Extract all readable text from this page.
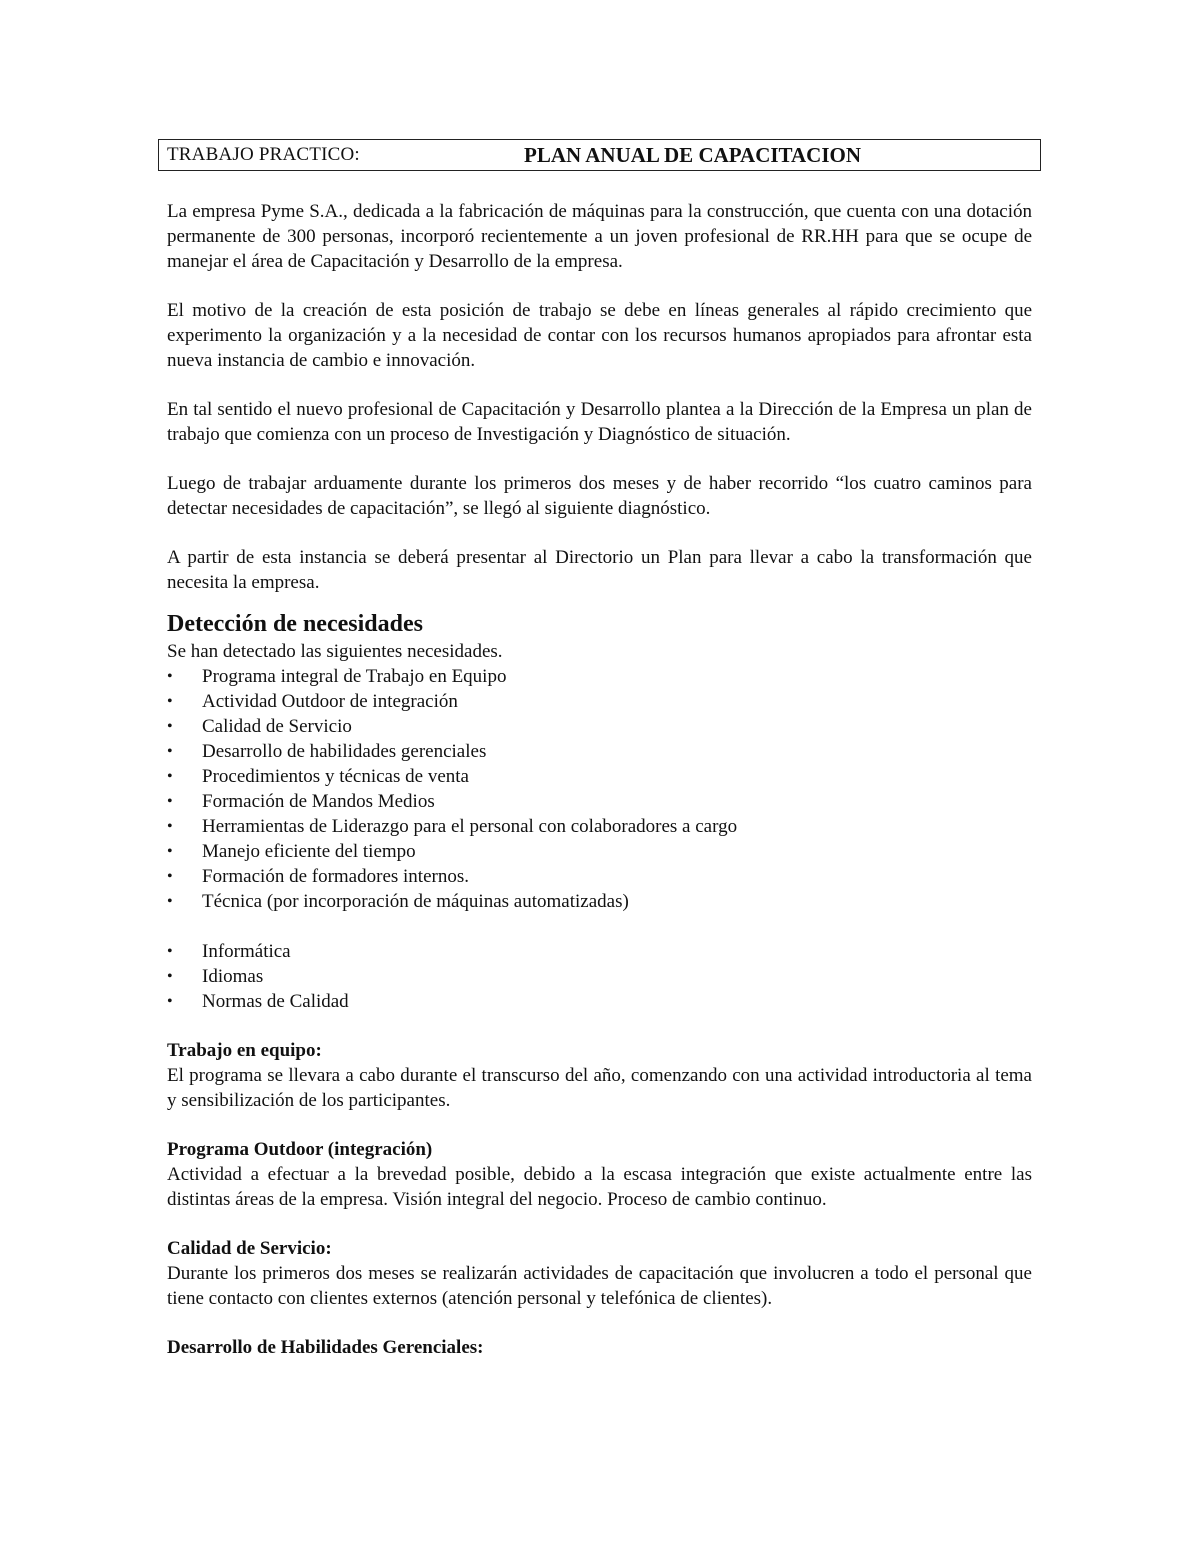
TRABAJO PRACTICO:	PLAN ANUAL DE CAPACITACION

La empresa Pyme S.A., dedicada a la fabricación de máquinas para la construcción, que cuenta con una dotación permanente de 300 personas, incorporó recientemente a un joven profesional de RR.HH para que se ocupe de manejar el área de Capacitación y Desarrollo de la empresa.

El motivo de la creación de esta posición de trabajo se debe en líneas generales al rápido crecimiento que experimento la organización y a la necesidad de contar con los recursos humanos apropiados para afrontar esta nueva instancia de cambio e innovación.

En tal sentido el nuevo profesional de Capacitación y Desarrollo plantea a la Dirección de la Empresa un plan de trabajo que comienza con un proceso de Investigación y Diagnóstico de situación.

Luego de trabajar arduamente durante los primeros dos meses y de haber recorrido “los cuatro caminos para detectar necesidades de capacitación”, se llegó al siguiente diagnóstico.

A partir de esta instancia se deberá presentar al Directorio un Plan para llevar a cabo la transformación que necesita la empresa.

Detección de necesidades

Se han detectado las siguientes necesidades.

• Programa integral de Trabajo en Equipo
• Actividad Outdoor de integración
• Calidad de Servicio
• Desarrollo de habilidades gerenciales
• Procedimientos y técnicas de venta
• Formación de Mandos Medios
• Herramientas de Liderazgo para el personal con colaboradores a cargo
• Manejo eficiente del tiempo
• Formación de formadores internos.
• Técnica (por incorporación de máquinas automatizadas)
• Informática
• Idiomas
• Normas de Calidad

Trabajo en equipo:

El programa se llevara a cabo durante el transcurso del año, comenzando con una actividad introductoria al tema y sensibilización de los participantes.

Programa Outdoor (integración)

Actividad a efectuar a la brevedad posible, debido a la escasa integración que existe actualmente entre las distintas áreas de la empresa. Visión integral del negocio. Proceso de cambio continuo.

Calidad de Servicio:

Durante los primeros dos meses se realizarán actividades de capacitación que involucren a todo el personal que tiene contacto con clientes externos (atención personal y telefónica de clientes).

Desarrollo de Habilidades Gerenciales:
